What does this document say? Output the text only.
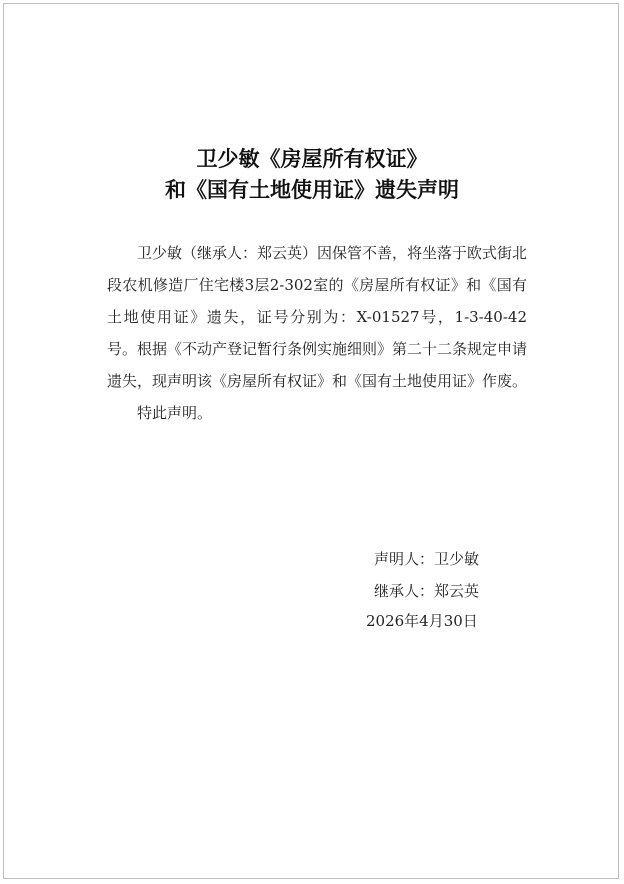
卫少敏《房屋所有权证》
和《国有土地使用证》遗失声明

卫少敏（继承人：郑云英）因保管不善，将坐落于欧式街北段农机修造厂住宅楼3层2-302室的《房屋所有权证》和《国有土地使用证》遗失，证号分别为：X-01527号，1-3-40-42号。根据《不动产登记暂行条例实施细则》第二十二条规定申请遗失，现声明该《房屋所有权证》和《国有土地使用证》作废。

特此声明。

声明人：卫少敏
继承人：郑云英
2026年4月30日
